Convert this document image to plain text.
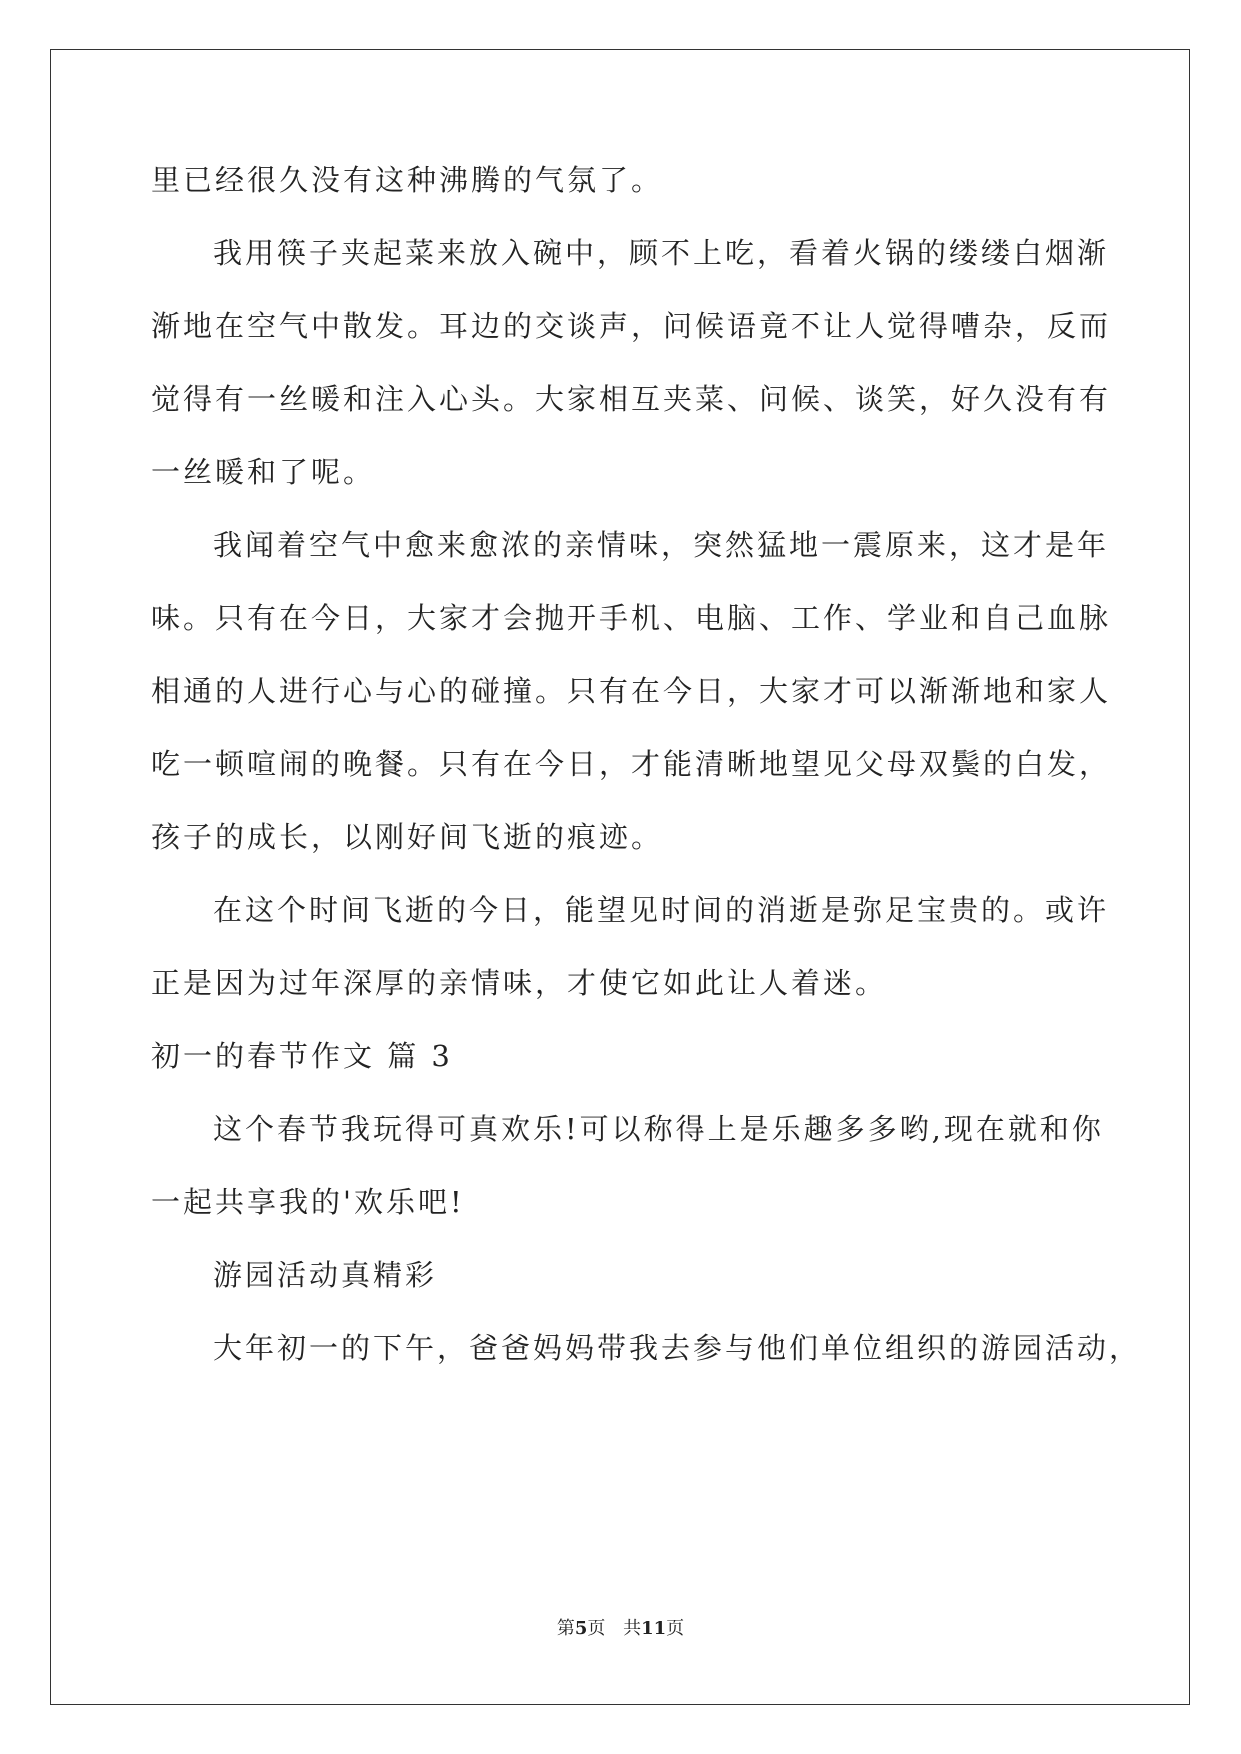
里已经很久没有这种沸腾的气氛了。
我用筷子夹起菜来放入碗中，顾不上吃，看着火锅的缕缕白烟渐
渐地在空气中散发。耳边的交谈声，问候语竟不让人觉得嘈杂，反而
觉得有一丝暖和注入心头。大家相互夹菜、问候、谈笑，好久没有有
一丝暖和了呢。
我闻着空气中愈来愈浓的亲情味，突然猛地一震原来，这才是年
味。只有在今日，大家才会抛开手机、电脑、工作、学业和自己血脉
相通的人进行心与心的碰撞。只有在今日，大家才可以渐渐地和家人
吃一顿喧闹的晚餐。只有在今日，才能清晰地望见父母双鬓的白发，
孩子的成长，以刚好间飞逝的痕迹。
在这个时间飞逝的今日，能望见时间的消逝是弥足宝贵的。或许
正是因为过年深厚的亲情味，才使它如此让人着迷。
初一的春节作文 篇 3
这个春节我玩得可真欢乐!可以称得上是乐趣多多哟,现在就和你
一起共享我的'欢乐吧!
游园活动真精彩
大年初一的下午，爸爸妈妈带我去参与他们单位组织的游园活动，
第5页 共11页
